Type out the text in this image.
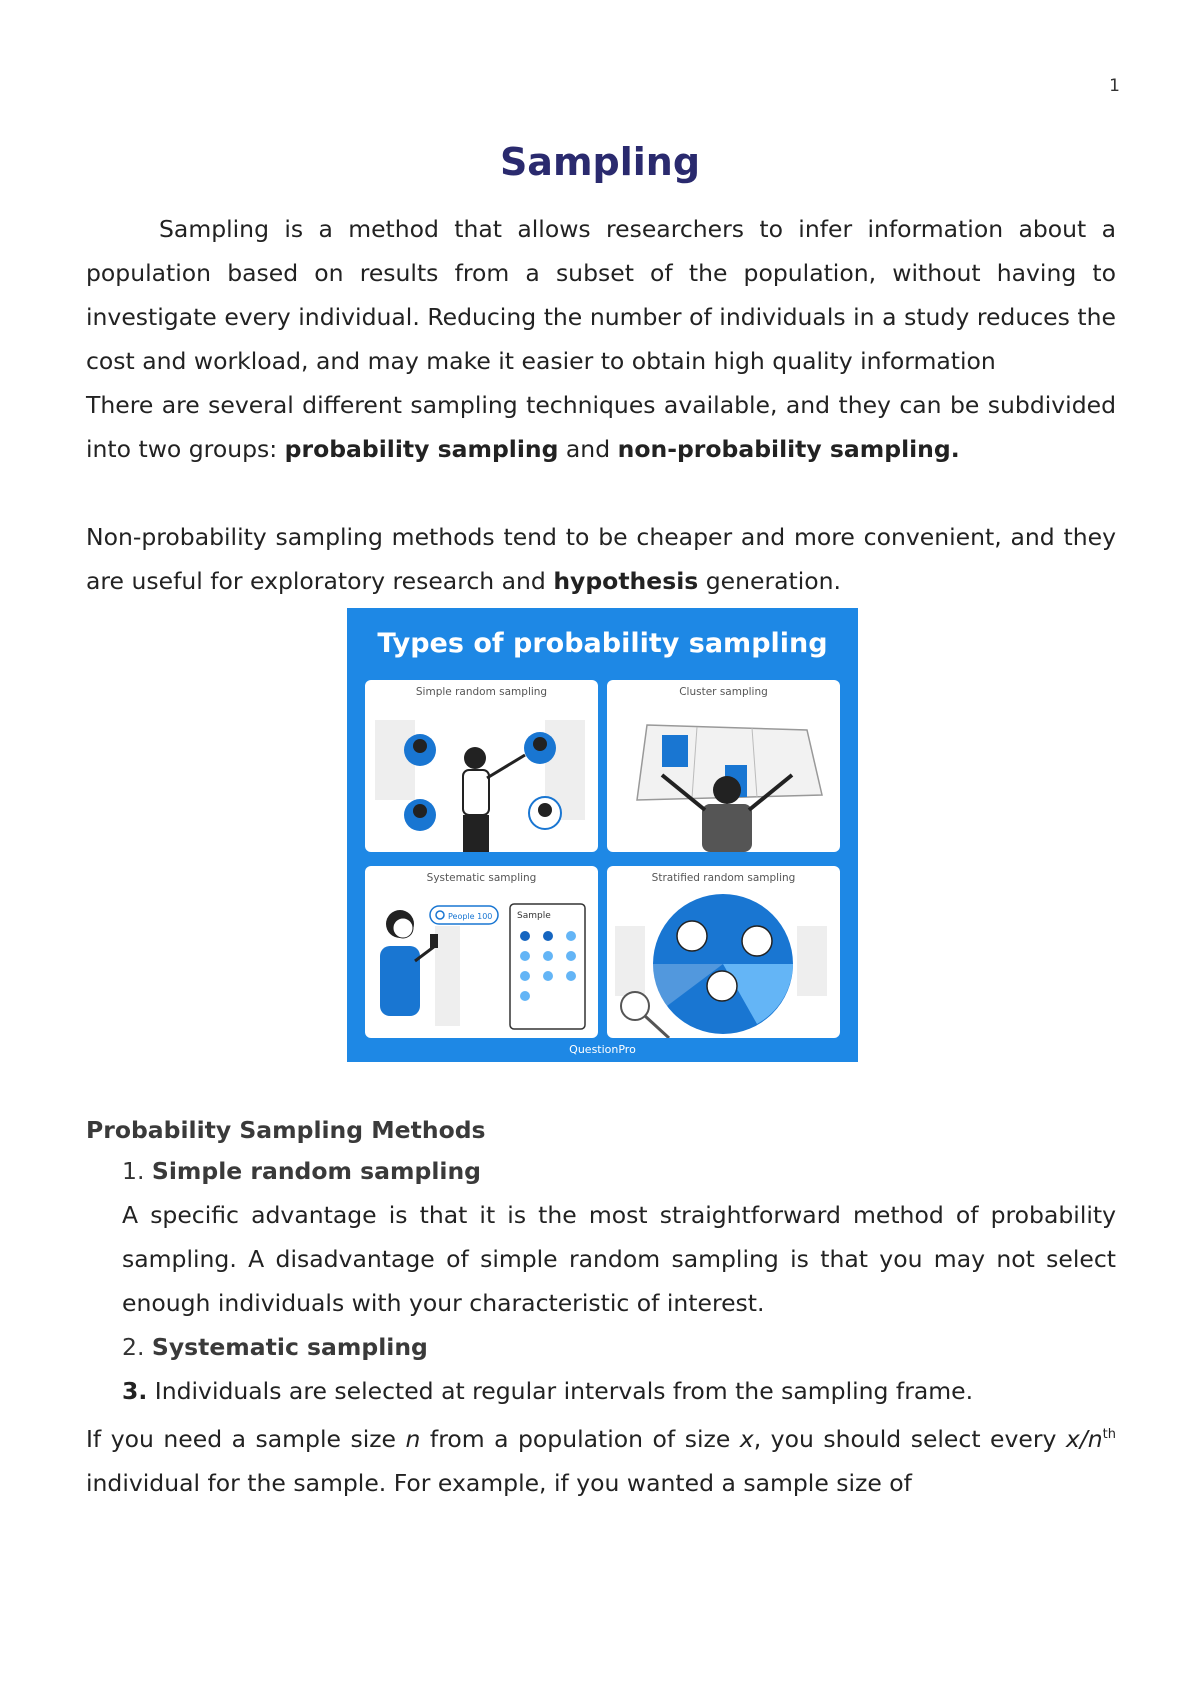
1
Sampling

Sampling is a method that allows researchers to infer information about a population based on results from a subset of the population, without having to investigate every individual. Reducing the number of individuals in a study reduces the cost and workload, and may make it easier to obtain high quality information

There are several different sampling techniques available, and they can be subdivided into two groups: probability sampling and non-probability sampling.

Non-probability sampling methods tend to be cheaper and more convenient, and they are useful for exploratory research and hypothesis generation.

Types of probability sampling
Simple random sampling	Cluster sampling
People 100	Sample
Systematic sampling	Stratified random sampling
QuestionPro
Probability Sampling Methods
1. Simple random sampling

A specific advantage is that it is the most straightforward method of probability sampling. A disadvantage of simple random sampling is that you may not select enough individuals with your characteristic of interest.

2. Systematic sampling
3. Individuals are selected at regular intervals from the sampling frame.

If you need a sample size n from a population of size x, you should select every $x/n^{th}$ individual for the sample. For example, if you wanted a sample size of
